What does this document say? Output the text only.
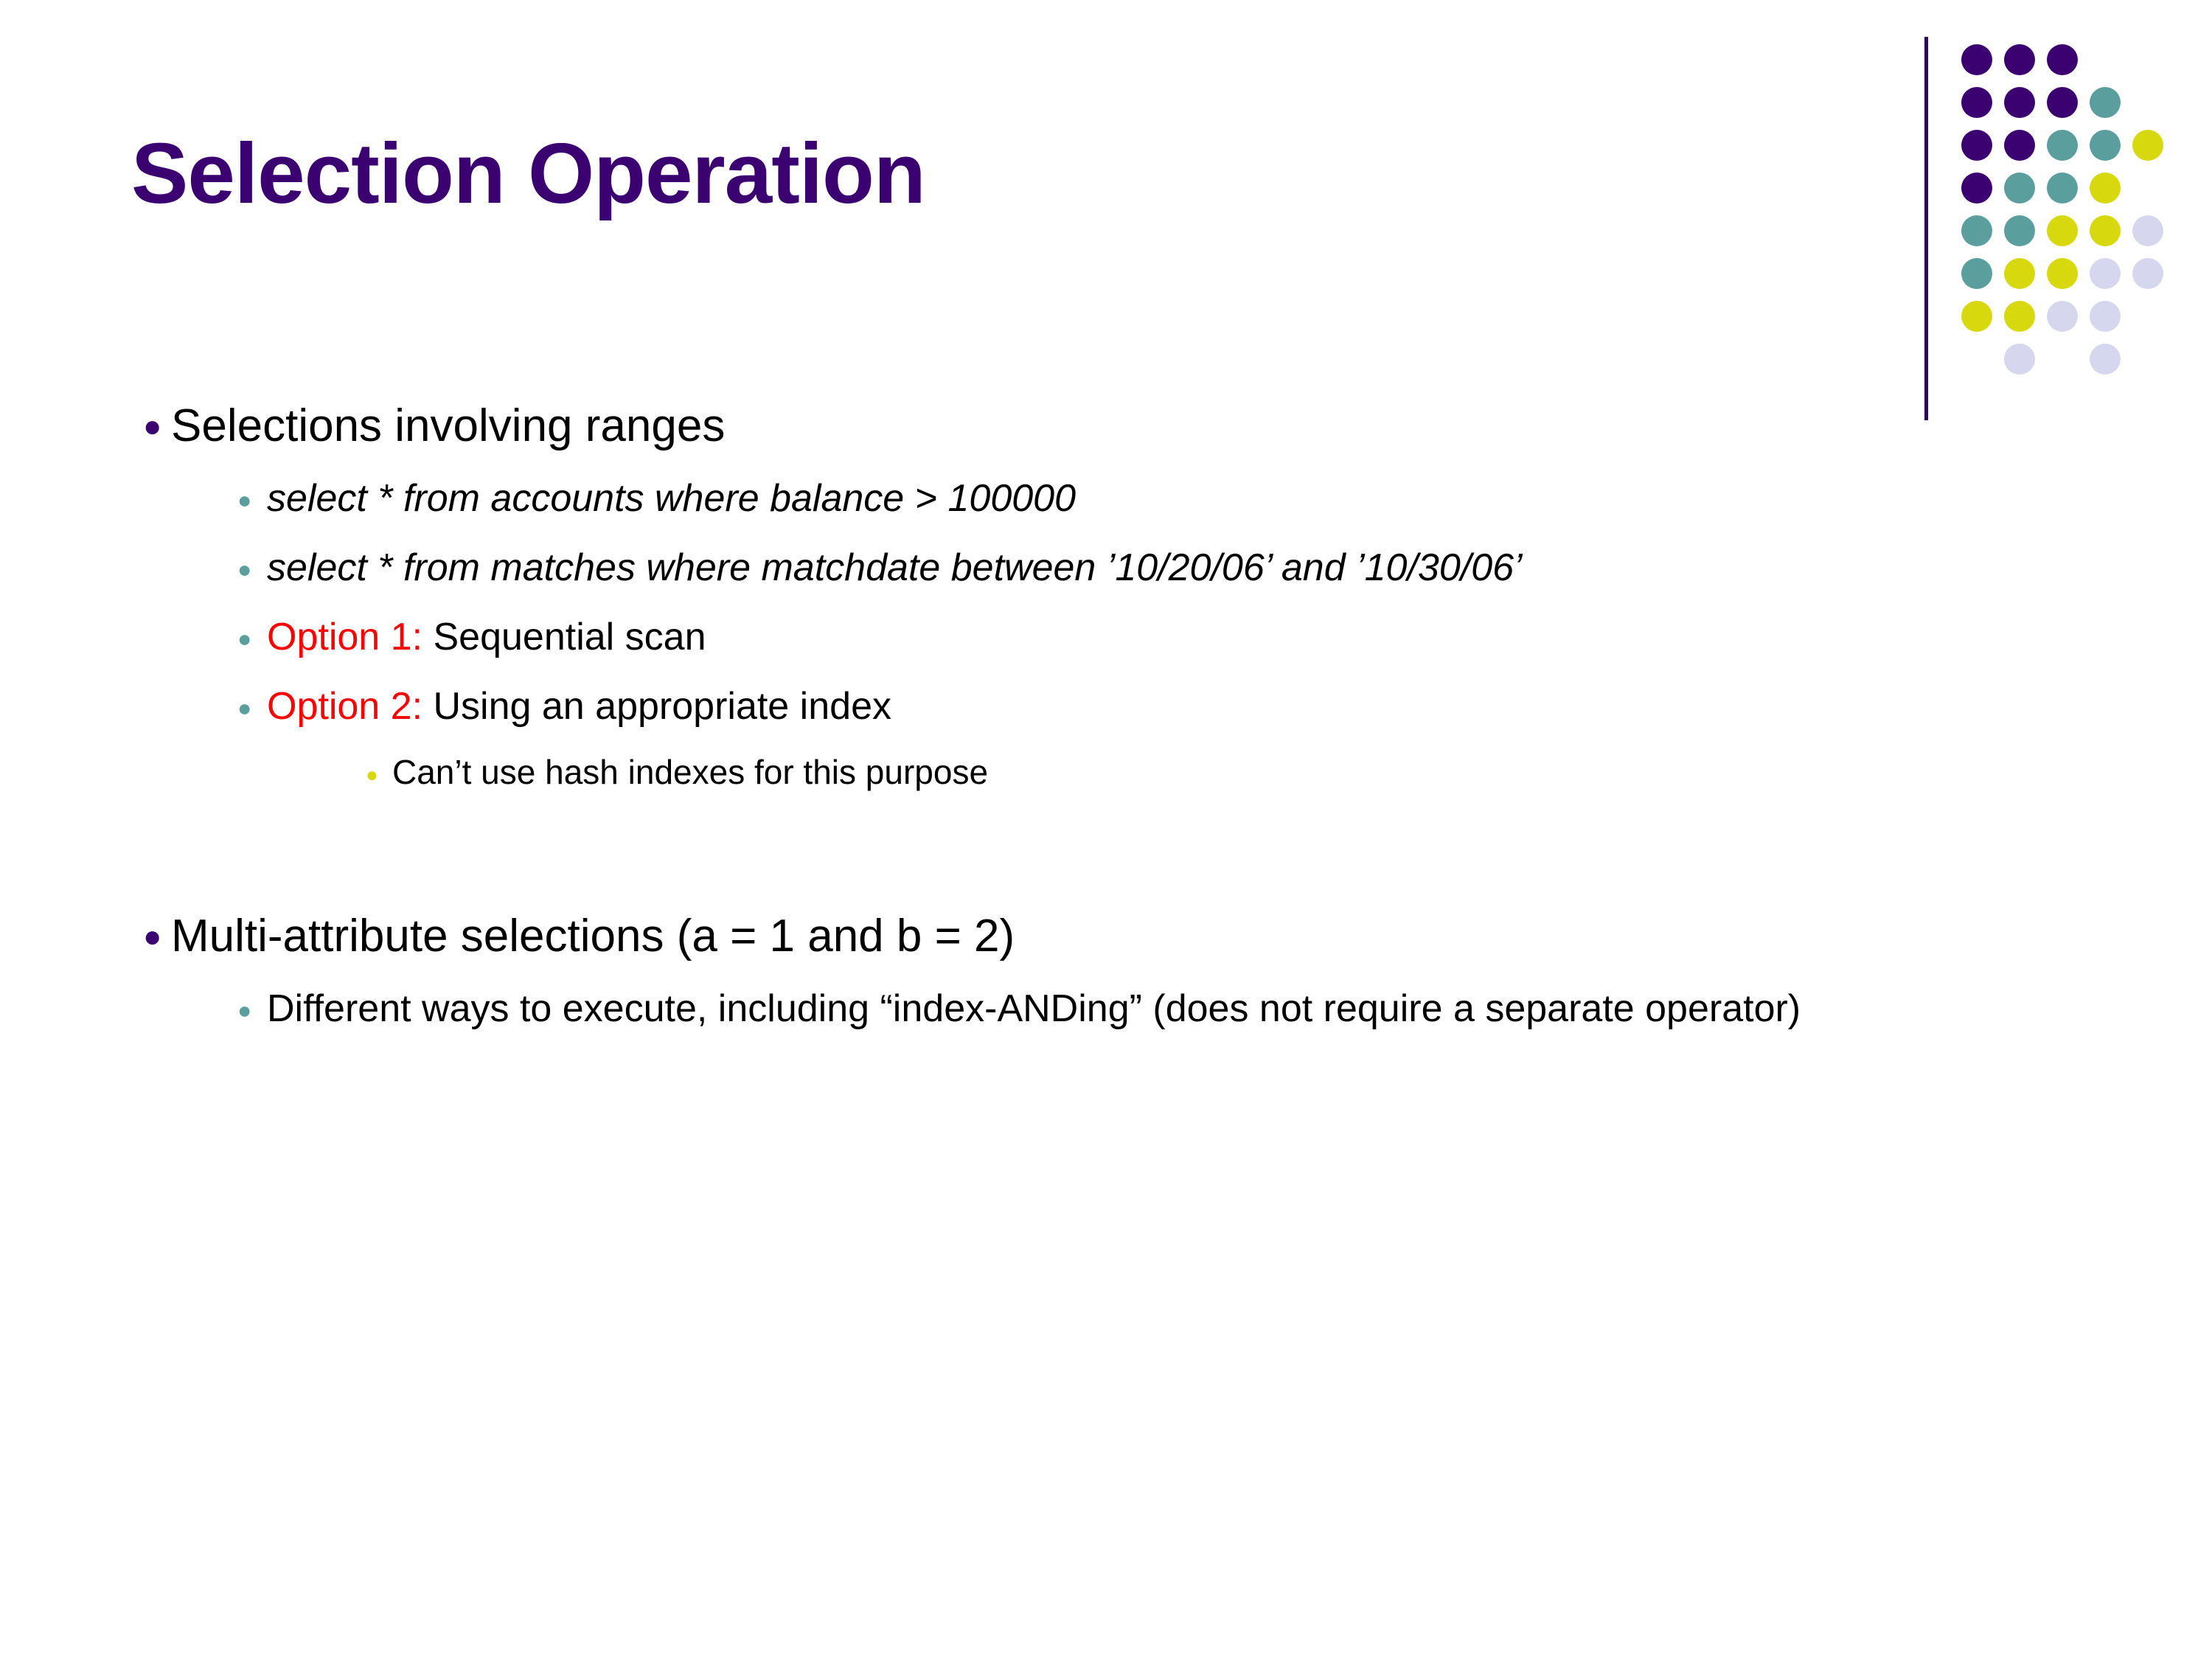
Selection Operation
● Selections involving ranges
● select * from accounts where balance > 100000
● select * from matches where matchdate between ’10/20/06’ and ’10/30/06’
● Option 1: Sequential scan
● Option 2: Using an appropriate index
● Can’t use hash indexes for this purpose
● Multi-attribute selections (a = 1 and b = 2)
● Different ways to execute, including “index-ANDing” (does not require a separate operator)
